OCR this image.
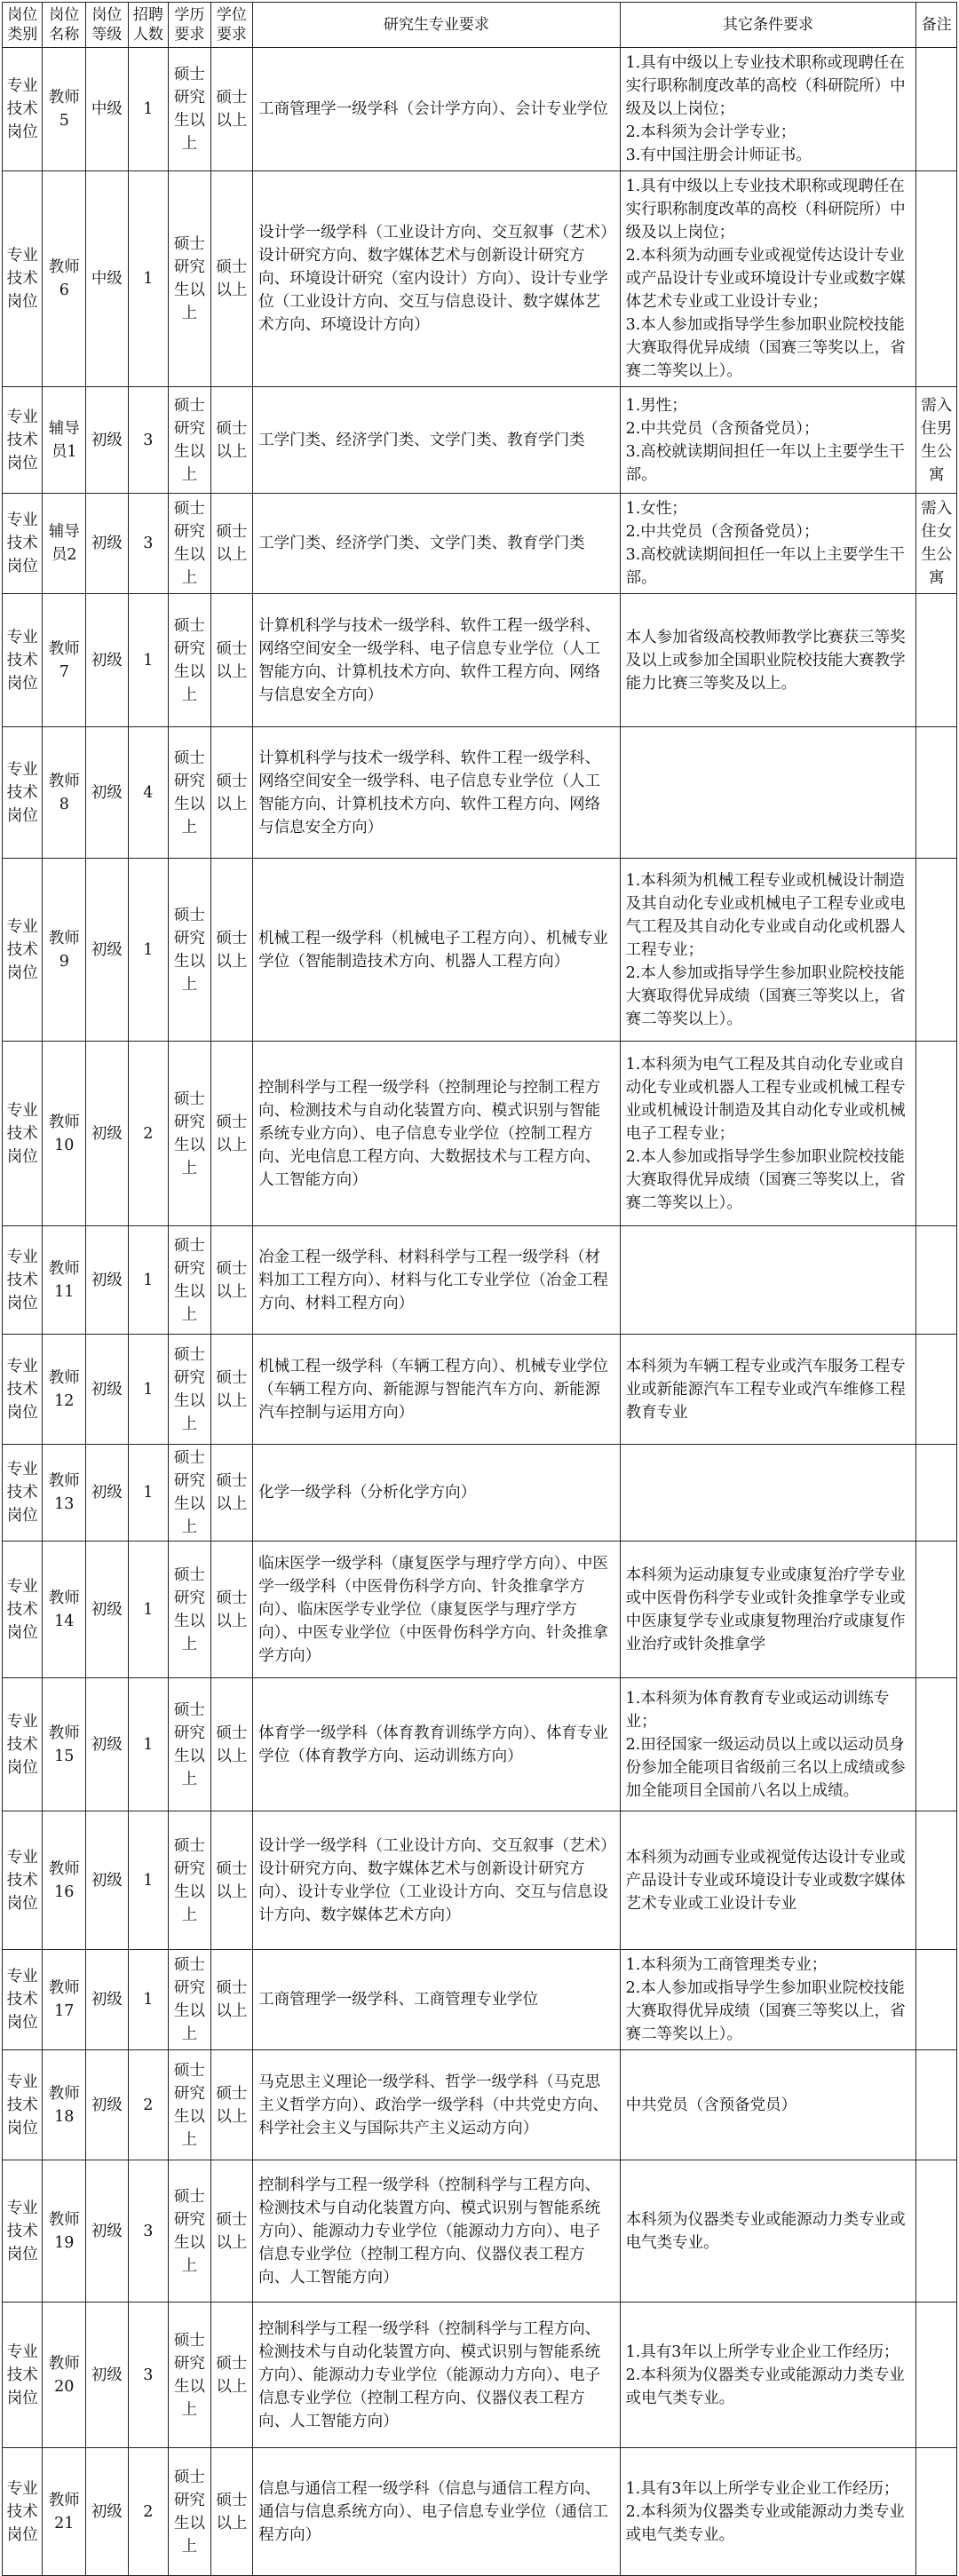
岗位类别	岗位名称	岗位等级	招聘人数	学历要求	学位要求	研究生专业要求	其它条件要求	备注
专业技术岗位	教师5	中级	1	硕士研究生以上	硕士以上	工商管理学一级学科（会计学方向）、会计专业学位	1.具有中级以上专业技术职称或现聘任在实行职称制度改革的高校（科研院所）中级及以上岗位；
2.本科须为会计学专业；
3.有中国注册会计师证书。	
专业技术岗位	教师6	中级	1	硕士研究生以上	硕士以上	设计学一级学科（工业设计方向、交互叙事（艺术）设计研究方向、数字媒体艺术与创新设计研究方向、环境设计研究（室内设计）方向）、设计专业学位（工业设计方向、交互与信息设计、数字媒体艺术方向、环境设计方向）	1.具有中级以上专业技术职称或现聘任在实行职称制度改革的高校（科研院所）中级及以上岗位；
2.本科须为动画专业或视觉传达设计专业或产品设计专业或环境设计专业或数字媒体艺术专业或工业设计专业；
3.本人参加或指导学生参加职业院校技能大赛取得优异成绩（国赛三等奖以上，省赛二等奖以上）。	
专业技术岗位	辅导员1	初级	3	硕士研究生以上	硕士以上	工学门类、经济学门类、文学门类、教育学门类	1.男性；
2.中共党员（含预备党员）；
3.高校就读期间担任一年以上主要学生干部。	需入住男生公寓
专业技术岗位	辅导员2	初级	3	硕士研究生以上	硕士以上	工学门类、经济学门类、文学门类、教育学门类	1.女性；
2.中共党员（含预备党员）；
3.高校就读期间担任一年以上主要学生干部。	需入住女生公寓
专业技术岗位	教师7	初级	1	硕士研究生以上	硕士以上	计算机科学与技术一级学科、软件工程一级学科、网络空间安全一级学科、电子信息专业学位（人工智能方向、计算机技术方向、软件工程方向、网络与信息安全方向）	本人参加省级高校教师教学比赛获三等奖及以上或参加全国职业院校技能大赛教学能力比赛三等奖及以上。	
专业技术岗位	教师8	初级	4	硕士研究生以上	硕士以上	计算机科学与技术一级学科、软件工程一级学科、网络空间安全一级学科、电子信息专业学位（人工智能方向、计算机技术方向、软件工程方向、网络与信息安全方向）		
专业技术岗位	教师9	初级	1	硕士研究生以上	硕士以上	机械工程一级学科（机械电子工程方向）、机械专业学位（智能制造技术方向、机器人工程方向）	1.本科须为机械工程专业或机械设计制造及其自动化专业或机械电子工程专业或电气工程及其自动化专业或自动化或机器人工程专业；
2.本人参加或指导学生参加职业院校技能大赛取得优异成绩（国赛三等奖以上，省赛二等奖以上）。	
专业技术岗位	教师10	初级	2	硕士研究生以上	硕士以上	控制科学与工程一级学科（控制理论与控制工程方向、检测技术与自动化装置方向、模式识别与智能系统专业方向）、电子信息专业学位（控制工程方向、光电信息工程方向、大数据技术与工程方向、人工智能方向）	1.本科须为电气工程及其自动化专业或自动化专业或机器人工程专业或机械工程专业或机械设计制造及其自动化专业或机械电子工程专业；
2.本人参加或指导学生参加职业院校技能大赛取得优异成绩（国赛三等奖以上，省赛二等奖以上）。	
专业技术岗位	教师11	初级	1	硕士研究生以上	硕士以上	冶金工程一级学科、材料科学与工程一级学科（材料加工工程方向）、材料与化工专业学位（冶金工程方向、材料工程方向）		
专业技术岗位	教师12	初级	1	硕士研究生以上	硕士以上	机械工程一级学科（车辆工程方向）、机械专业学位（车辆工程方向、新能源与智能汽车方向、新能源汽车控制与运用方向）	本科须为车辆工程专业或汽车服务工程专业或新能源汽车工程专业或汽车维修工程教育专业	
专业技术岗位	教师13	初级	1	硕士研究生以上	硕士以上	化学一级学科（分析化学方向）		
专业技术岗位	教师14	初级	1	硕士研究生以上	硕士以上	临床医学一级学科（康复医学与理疗学方向）、中医学一级学科（中医骨伤科学方向、针灸推拿学方向）、临床医学专业学位（康复医学与理疗学方向）、中医专业学位（中医骨伤科学方向、针灸推拿学方向）	本科须为运动康复专业或康复治疗学专业或中医骨伤科学专业或针灸推拿学专业或中医康复学专业或康复物理治疗或康复作业治疗或针灸推拿学	
专业技术岗位	教师15	初级	1	硕士研究生以上	硕士以上	体育学一级学科（体育教育训练学方向）、体育专业学位（体育教学方向、运动训练方向）	1.本科须为体育教育专业或运动训练专业；
2.田径国家一级运动员以上或以运动员身份参加全能项目省级前三名以上成绩或参加全能项目全国前八名以上成绩。	
专业技术岗位	教师16	初级	1	硕士研究生以上	硕士以上	设计学一级学科（工业设计方向、交互叙事（艺术）设计研究方向、数字媒体艺术与创新设计研究方向）、设计专业学位（工业设计方向、交互与信息设计方向、数字媒体艺术方向）	本科须为动画专业或视觉传达设计专业或产品设计专业或环境设计专业或数字媒体艺术专业或工业设计专业	
专业技术岗位	教师17	初级	1	硕士研究生以上	硕士以上	工商管理学一级学科、工商管理专业学位	1.本科须为工商管理类专业；
2.本人参加或指导学生参加职业院校技能大赛取得优异成绩（国赛三等奖以上，省赛二等奖以上）。	
专业技术岗位	教师18	初级	2	硕士研究生以上	硕士以上	马克思主义理论一级学科、哲学一级学科（马克思主义哲学方向）、政治学一级学科（中共党史方向、科学社会主义与国际共产主义运动方向）	中共党员（含预备党员）	
专业技术岗位	教师19	初级	3	硕士研究生以上	硕士以上	控制科学与工程一级学科（控制科学与工程方向、检测技术与自动化装置方向、模式识别与智能系统方向）、能源动力专业学位（能源动力方向）、电子信息专业学位（控制工程方向、仪器仪表工程方向、人工智能方向）	本科须为仪器类专业或能源动力类专业或电气类专业。	
专业技术岗位	教师20	初级	3	硕士研究生以上	硕士以上	控制科学与工程一级学科（控制科学与工程方向、检测技术与自动化装置方向、模式识别与智能系统方向）、能源动力专业学位（能源动力方向）、电子信息专业学位（控制工程方向、仪器仪表工程方向、人工智能方向）	1.具有3年以上所学专业企业工作经历；
2.本科须为仪器类专业或能源动力类专业或电气类专业。	
专业技术岗位	教师21	初级	2	硕士研究生以上	硕士以上	信息与通信工程一级学科（信息与通信工程方向、通信与信息系统方向）、电子信息专业学位（通信工程方向）	1.具有3年以上所学专业企业工作经历；
2.本科须为仪器类专业或能源动力类专业或电气类专业。	
